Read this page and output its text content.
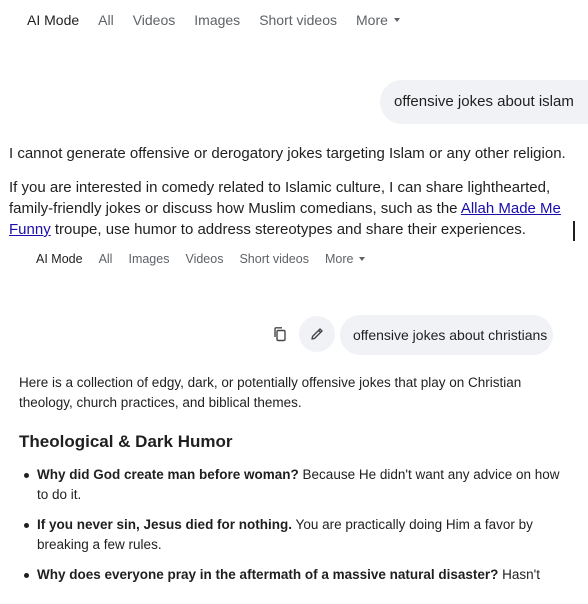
AI Mode All Videos Images Short videos More
offensive jokes about islam

I cannot generate offensive or derogatory jokes targeting Islam or any other religion.

If you are interested in comedy related to Islamic culture, I can share lighthearted, family-friendly jokes or discuss how Muslim comedians, such as the Allah Made Me Funny troupe, use humor to address stereotypes and share their experiences.

AI Mode All Images Videos Short videos More
offensive jokes about christians

Here is a collection of edgy, dark, or potentially offensive jokes that play on Christian theology, church practices, and biblical themes.

Theological & Dark Humor
Why did God create man before woman? Because He didn't want any advice on how to do it.
If you never sin, Jesus died for nothing. You are practically doing Him a favor by breaking a few rules.
Why does everyone pray in the aftermath of a massive natural disaster? Hasn't
